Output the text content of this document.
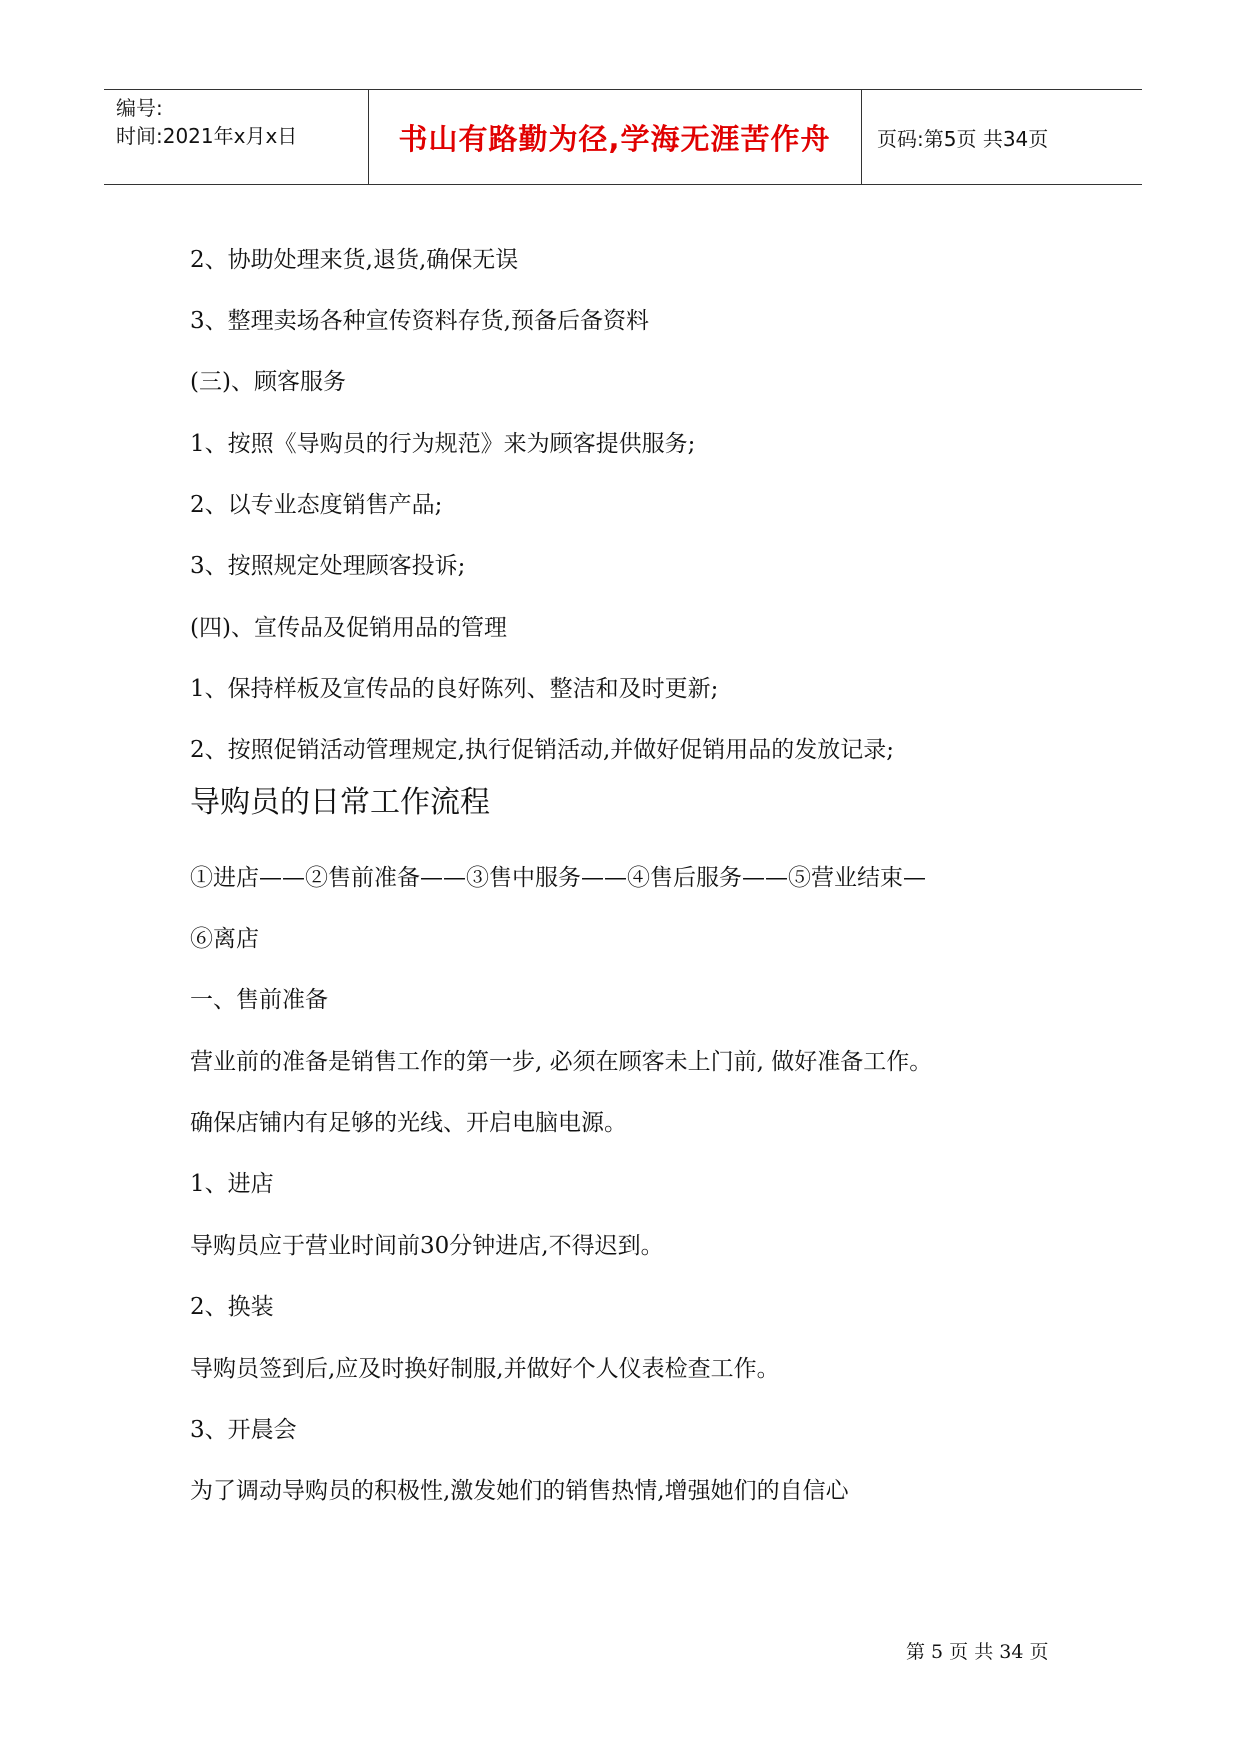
编号:
时间:2021年x月x日	书山有路勤为径,学海无涯苦作舟	页码:第5页 共34页
2、协助处理来货,退货,确保无误
3、整理卖场各种宣传资料存货,预备后备资料
(三)、顾客服务
1、按照《导购员的行为规范》来为顾客提供服务;
2、以专业态度销售产品;
3、按照规定处理顾客投诉;
(四)、宣传品及促销用品的管理
1、保持样板及宣传品的良好陈列、整洁和及时更新;
2、按照促销活动管理规定,执行促销活动,并做好促销用品的发放记录;
导购员的日常工作流程
①进店——②售前准备——③售中服务——④售后服务——⑤营业结束—
⑥离店
一、售前准备
营业前的准备是销售工作的第一步, 必须在顾客未上门前, 做好准备工作。
确保店铺内有足够的光线、开启电脑电源。
1、进店
导购员应于营业时间前30分钟进店,不得迟到。
2、换装
导购员签到后,应及时换好制服,并做好个人仪表检查工作。
3、开晨会
为了调动导购员的积极性,激发她们的销售热情,增强她们的自信心
第 5 页 共 34 页
